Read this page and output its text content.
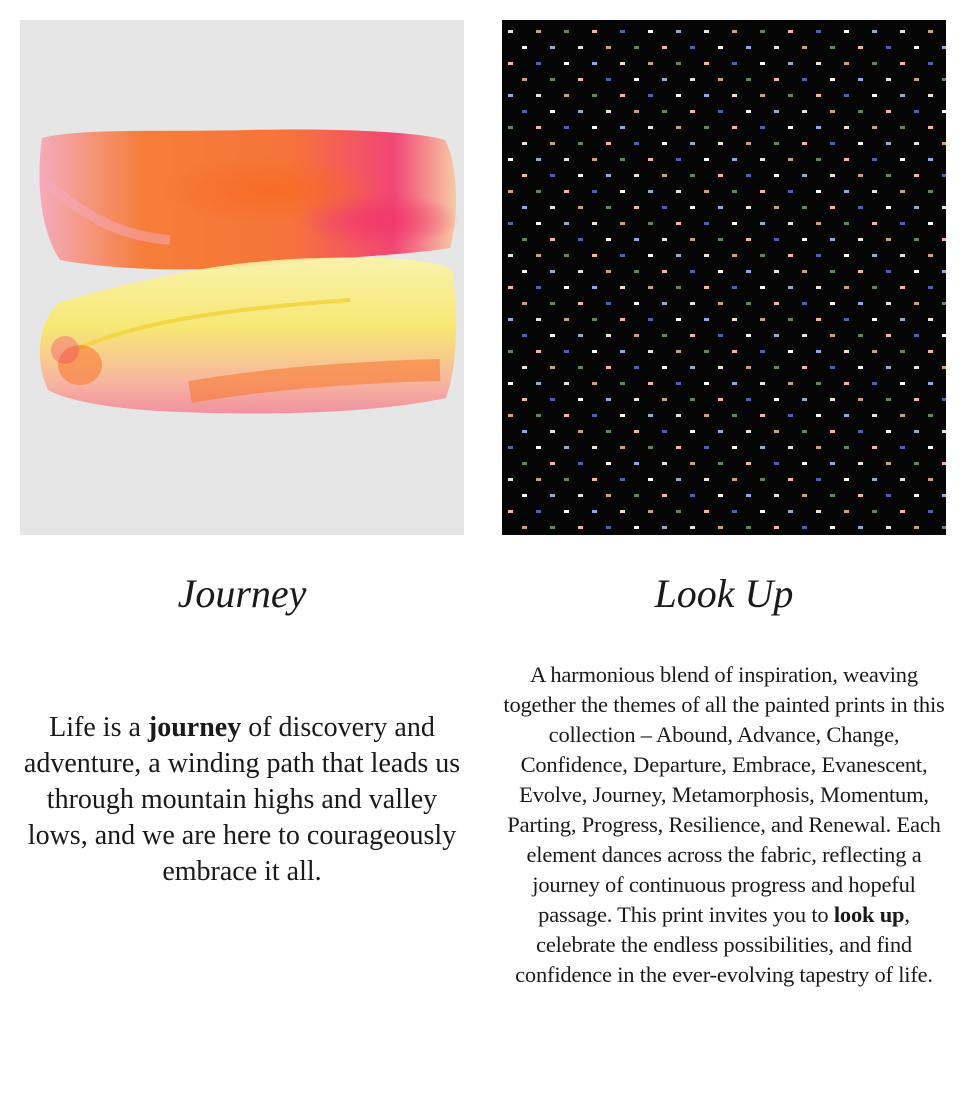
Journey

Life is a journey of discovery and adventure, a winding path that leads us through mountain highs and valley lows, and we are here to courageously embrace it all.

Look Up

A harmonious blend of inspiration, weaving together the themes of all the painted prints in this collection – Abound, Advance, Change, Confidence, Departure, Embrace, Evanescent, Evolve, Journey, Metamorphosis, Momentum, Parting, Progress, Resilience, and Renewal. Each element dances across the fabric, reflecting a journey of continuous progress and hopeful passage. This print invites you to look up, celebrate the endless possibilities, and find confidence in the ever-evolving tapestry of life.
